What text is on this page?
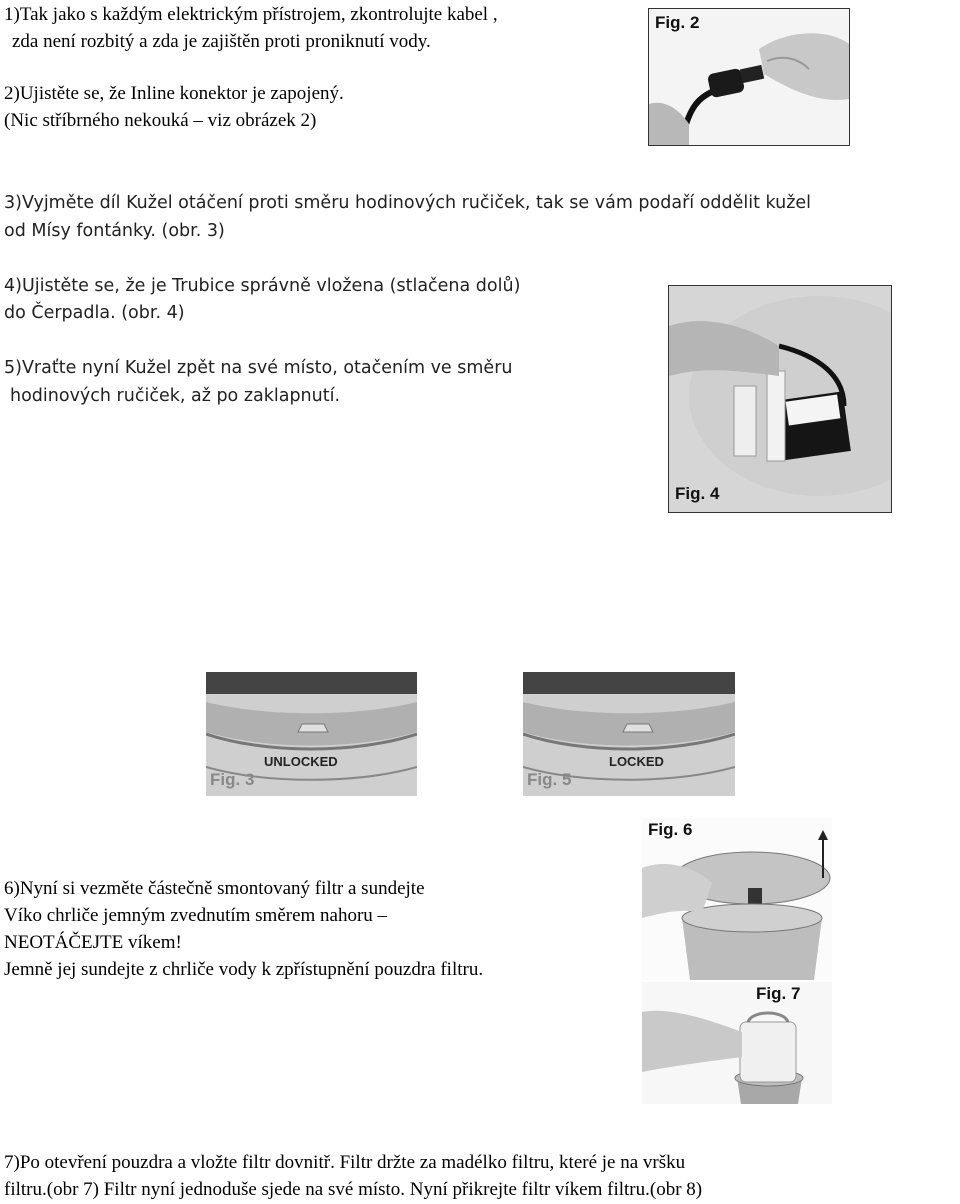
1)Tak jako s každým elektrickým přístrojem, zkontrolujte kabel ,
zda není rozbitý a zda je zajištěn proti proniknutí vody.
2)Ujistěte se, že Inline konektor je zapojený.
(Nic stříbrného nekouká – viz obrázek 2)
3)Vyjměte díl Kužel otáčení proti směru hodinových ručiček, tak se vám podaří oddělit kužel
od Mísy fontánky. (obr. 3)
4)Ujistěte se, že je Trubice správně vložena (stlačena dolů)
do Čerpadla. (obr. 4)
5)Vraťte nyní Kužel zpět na své místo, otačením ve směru
hodinových ručiček, až po zaklapnutí.
6)Nyní si vezměte částečně smontovaný filtr a sundejte
Víko chrliče jemným zvednutím směrem nahoru –
NEOTÁČEJTE víkem!
Jemně jej sundejte z chrliče vody k zpřístupnění pouzdra filtru.
7)Po otevření pouzdra a vložte filtr dovnitř. Filtr držte za madélko filtru, které je na vršku
filtru.(obr 7) Filtr nyní jednoduše sjede na své místo. Nyní přikrejte filtr víkem filtru.(obr 8)
Fig. 2
Fig. 4
UNLOCKED
Fig. 3
LOCKED
Fig. 5
Fig. 6
Fig. 7
